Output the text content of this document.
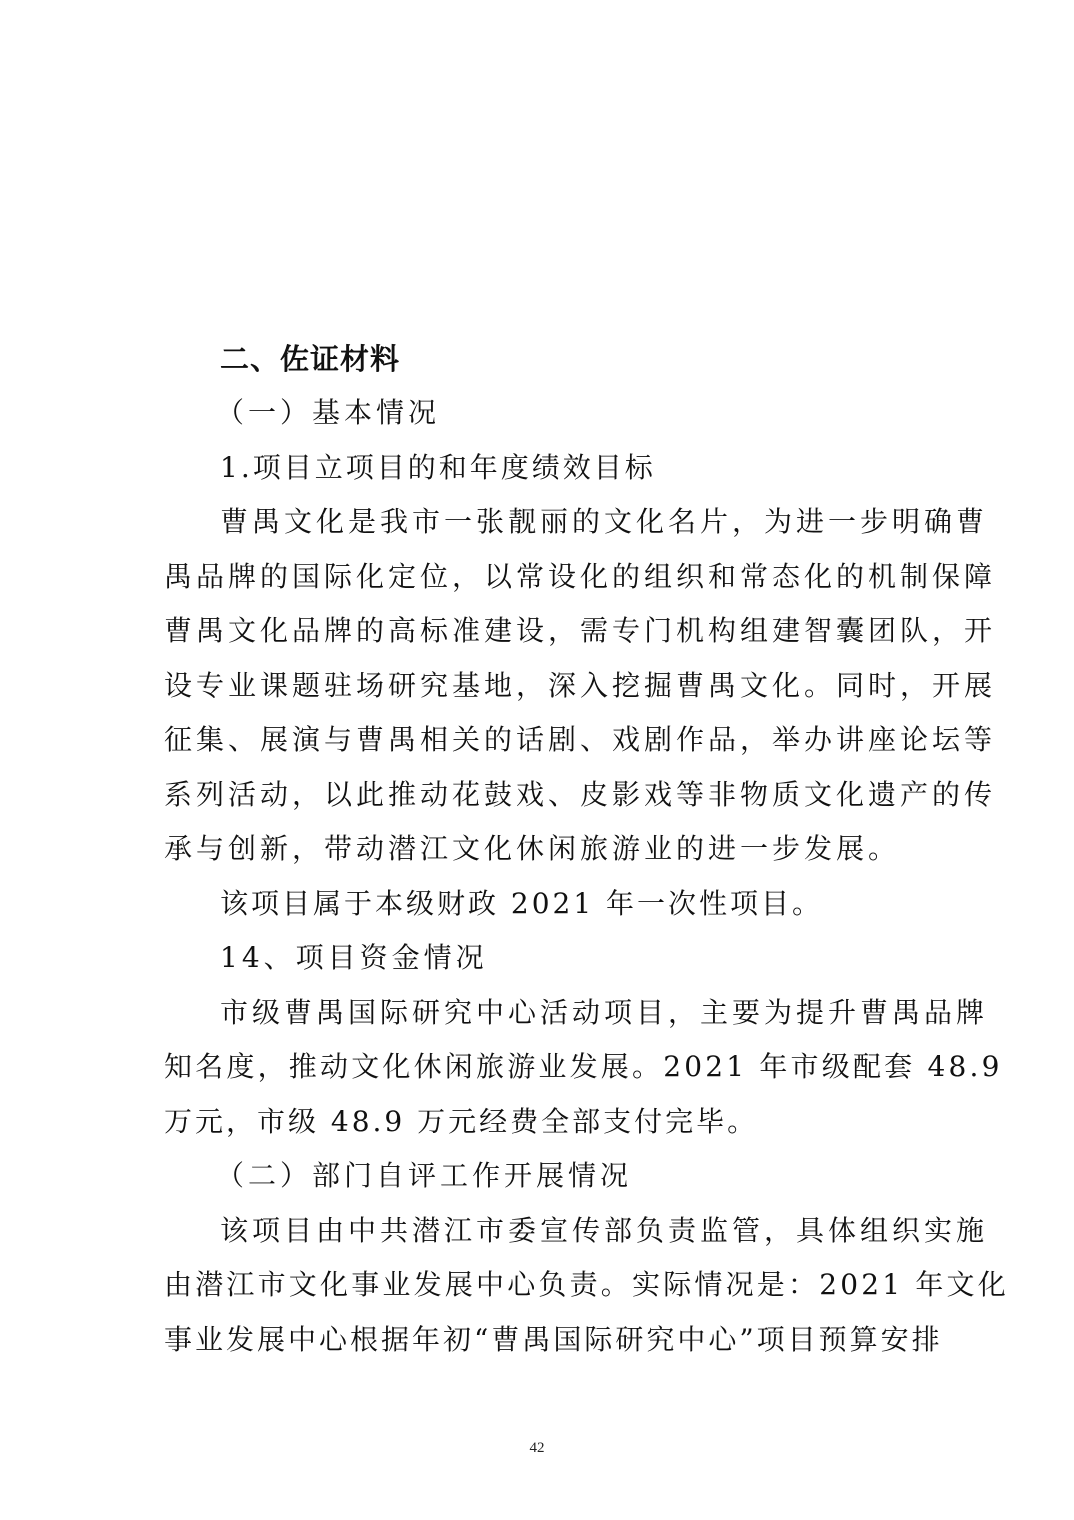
二、佐证材料
（一）基本情况
1.项目立项目的和年度绩效目标
曹禺文化是我市一张靓丽的文化名片，为进一步明确曹
禺品牌的国际化定位，以常设化的组织和常态化的机制保障
曹禺文化品牌的高标准建设，需专门机构组建智囊团队，开
设专业课题驻场研究基地，深入挖掘曹禺文化。同时，开展
征集、展演与曹禺相关的话剧、戏剧作品，举办讲座论坛等
系列活动，以此推动花鼓戏、皮影戏等非物质文化遗产的传
承与创新，带动潜江文化休闲旅游业的进一步发展。
该项目属于本级财政 2021 年一次性项目。
14、项目资金情况
市级曹禺国际研究中心活动项目，主要为提升曹禺品牌
知名度，推动文化休闲旅游业发展。2021 年市级配套 48.9
万元，市级 48.9 万元经费全部支付完毕。
（二）部门自评工作开展情况
该项目由中共潜江市委宣传部负责监管，具体组织实施
由潜江市文化事业发展中心负责。实际情况是：2021 年文化
事业发展中心根据年初“曹禺国际研究中心”项目预算安排
42
